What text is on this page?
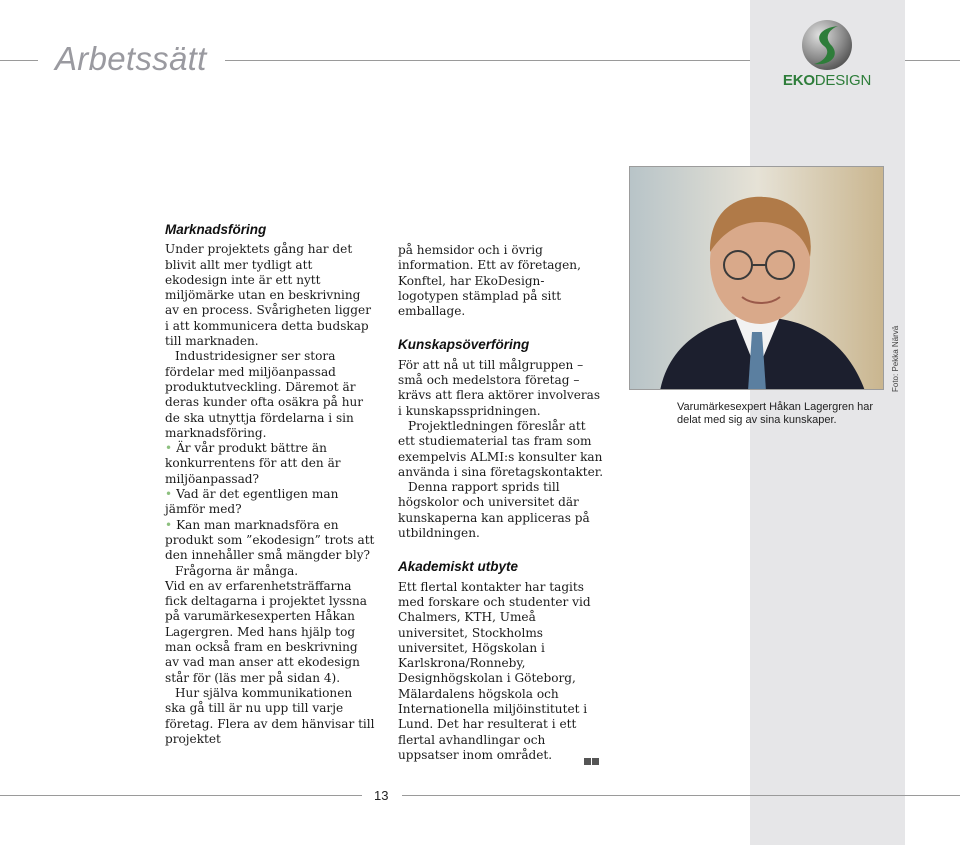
Arbetssätt
EKODESIGN
Marknadsföring

Under projektets gång har det blivit allt mer tydligt att ekodesign inte är ett nytt miljömärke utan en beskrivning av en process. Svårigheten ligger i att kommunicera detta budskap till marknaden.

Industridesigner ser stora fördelar med miljöanpassad produktutveckling. Däremot är deras kunder ofta osäkra på hur de ska utnyttja fördelarna i sin marknadsföring.

• Är vår produkt bättre än konkurrentens för att den är miljöanpassad?

• Vad är det egentligen man jämför med?

• Kan man marknadsföra en produkt som ”ekodesign” trots att den innehåller små mängder bly?

Frågorna är många.

Vid en av erfarenhetsträffarna fick deltagarna i projektet lyssna på varumärkesexperten Håkan Lagergren. Med hans hjälp tog man också fram en beskrivning av vad man anser att ekodesign står för (läs mer på sidan 4).

Hur själva kommunikationen ska gå till är nu upp till varje företag. Flera av dem hänvisar till projektet

på hemsidor och i övrig information. Ett av företagen, Konftel, har EkoDesign-logotypen stämplad på sitt emballage.

Kunskapsöverföring

För att nå ut till målgruppen – små och medelstora företag – krävs att flera aktörer involveras i kunskapsspridningen.

Projektledningen föreslår att ett studiematerial tas fram som exempelvis ALMI:s konsulter kan använda i sina företagskontakter.

Denna rapport sprids till högskolor och universitet där kunskaperna kan appliceras på utbildningen.

Akademiskt utbyte

Ett flertal kontakter har tagits med forskare och studenter vid Chalmers, KTH, Umeå universitet, Stockholms universitet, Högskolan i Karlskrona/Ronneby, Designhögskolan i Göteborg, Mälardalens högskola och Internationella miljöinstitutet i Lund. Det har resulterat i ett flertal avhandlingar och uppsatser inom området.

Foto: Pekka Närvä
Varumärkesexpert Håkan Lagergren har delat med sig av sina kunskaper.
13
